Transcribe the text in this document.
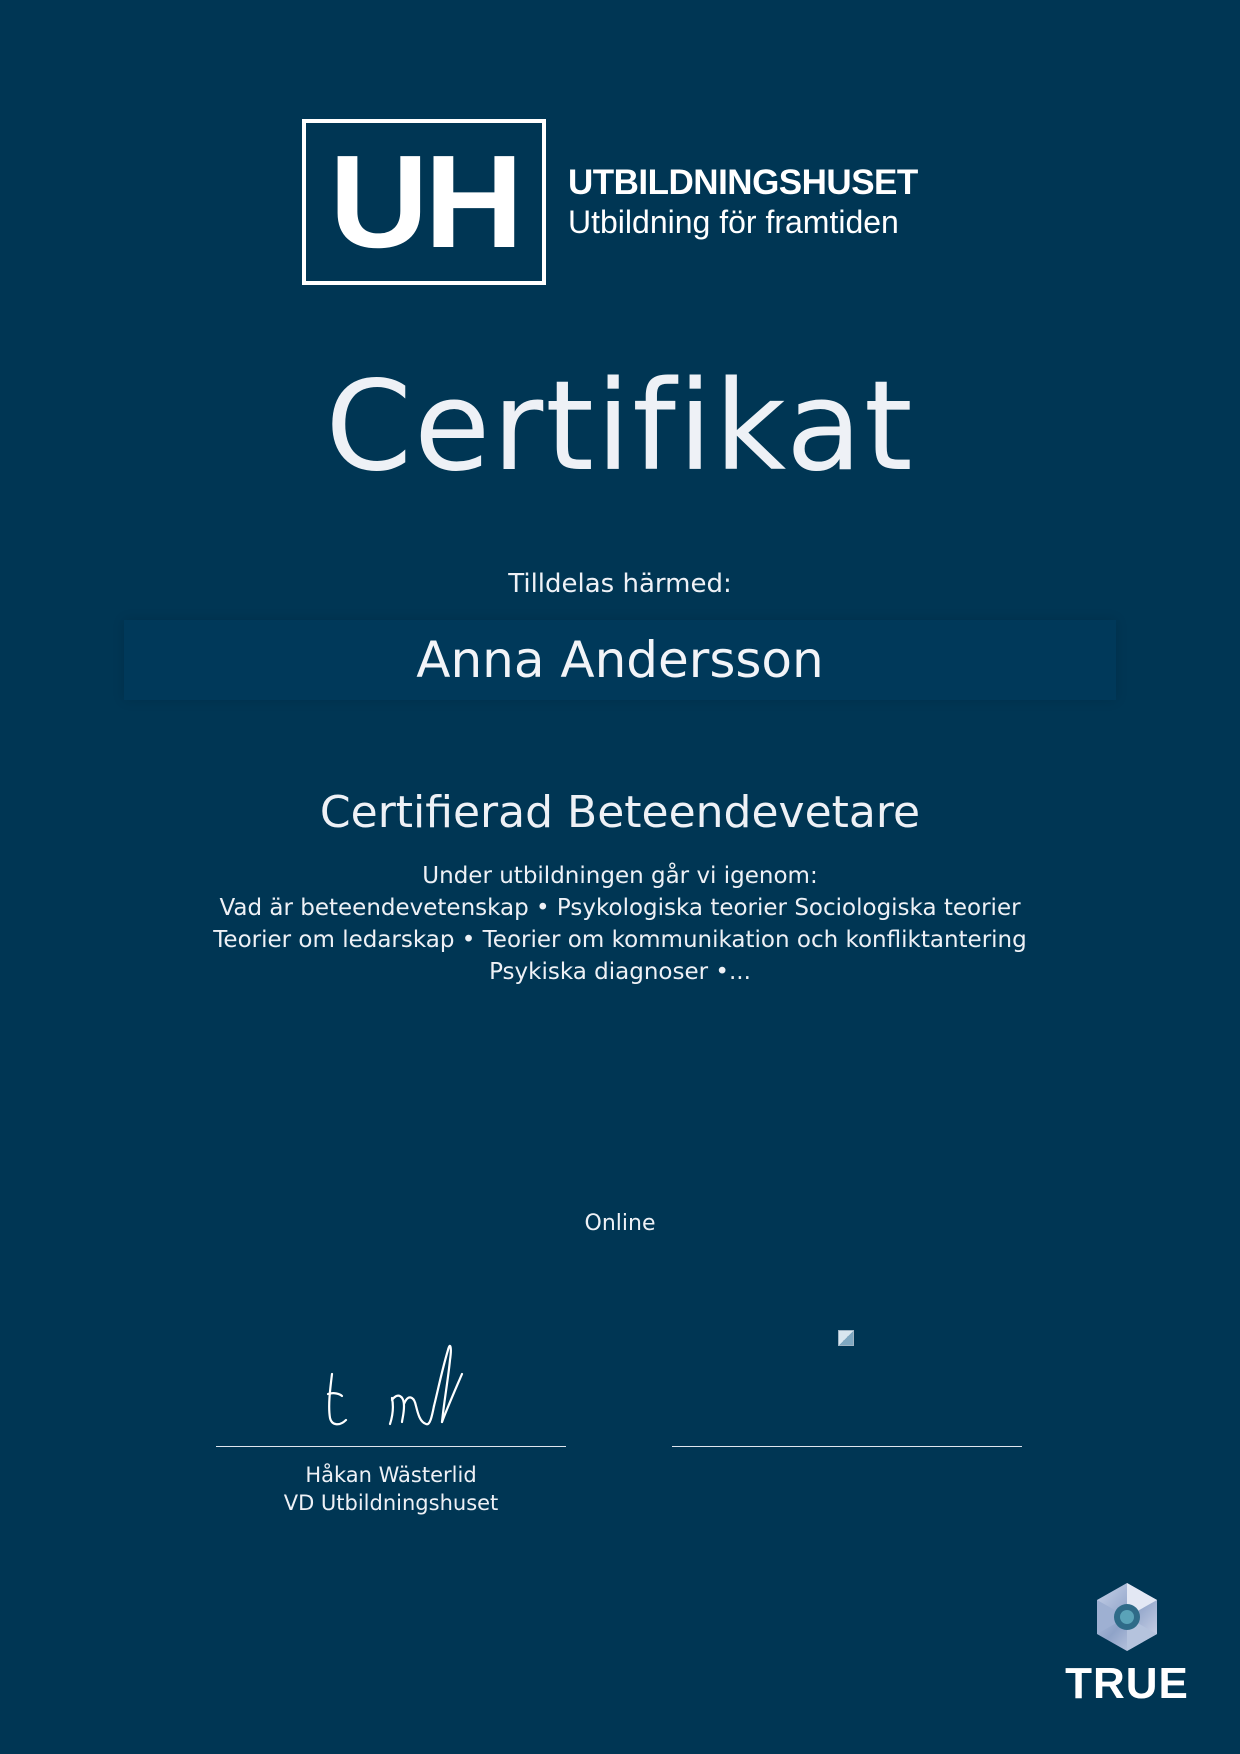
UH UTBILDNINGSHUSET
Utbildning för framtiden
Certifikat
Tilldelas härmed:
Anna Andersson
Certifierad Beteendevetare
Under utbildningen går vi igenom:
Vad är beteendevetenskap • Psykologiska teorier Sociologiska teorier
Teorier om ledarskap • Teorier om kommunikation och konfliktantering
Psykiska diagnoser •...
Online
Håkan Wästerlid
VD Utbildningshuset
TRUE
